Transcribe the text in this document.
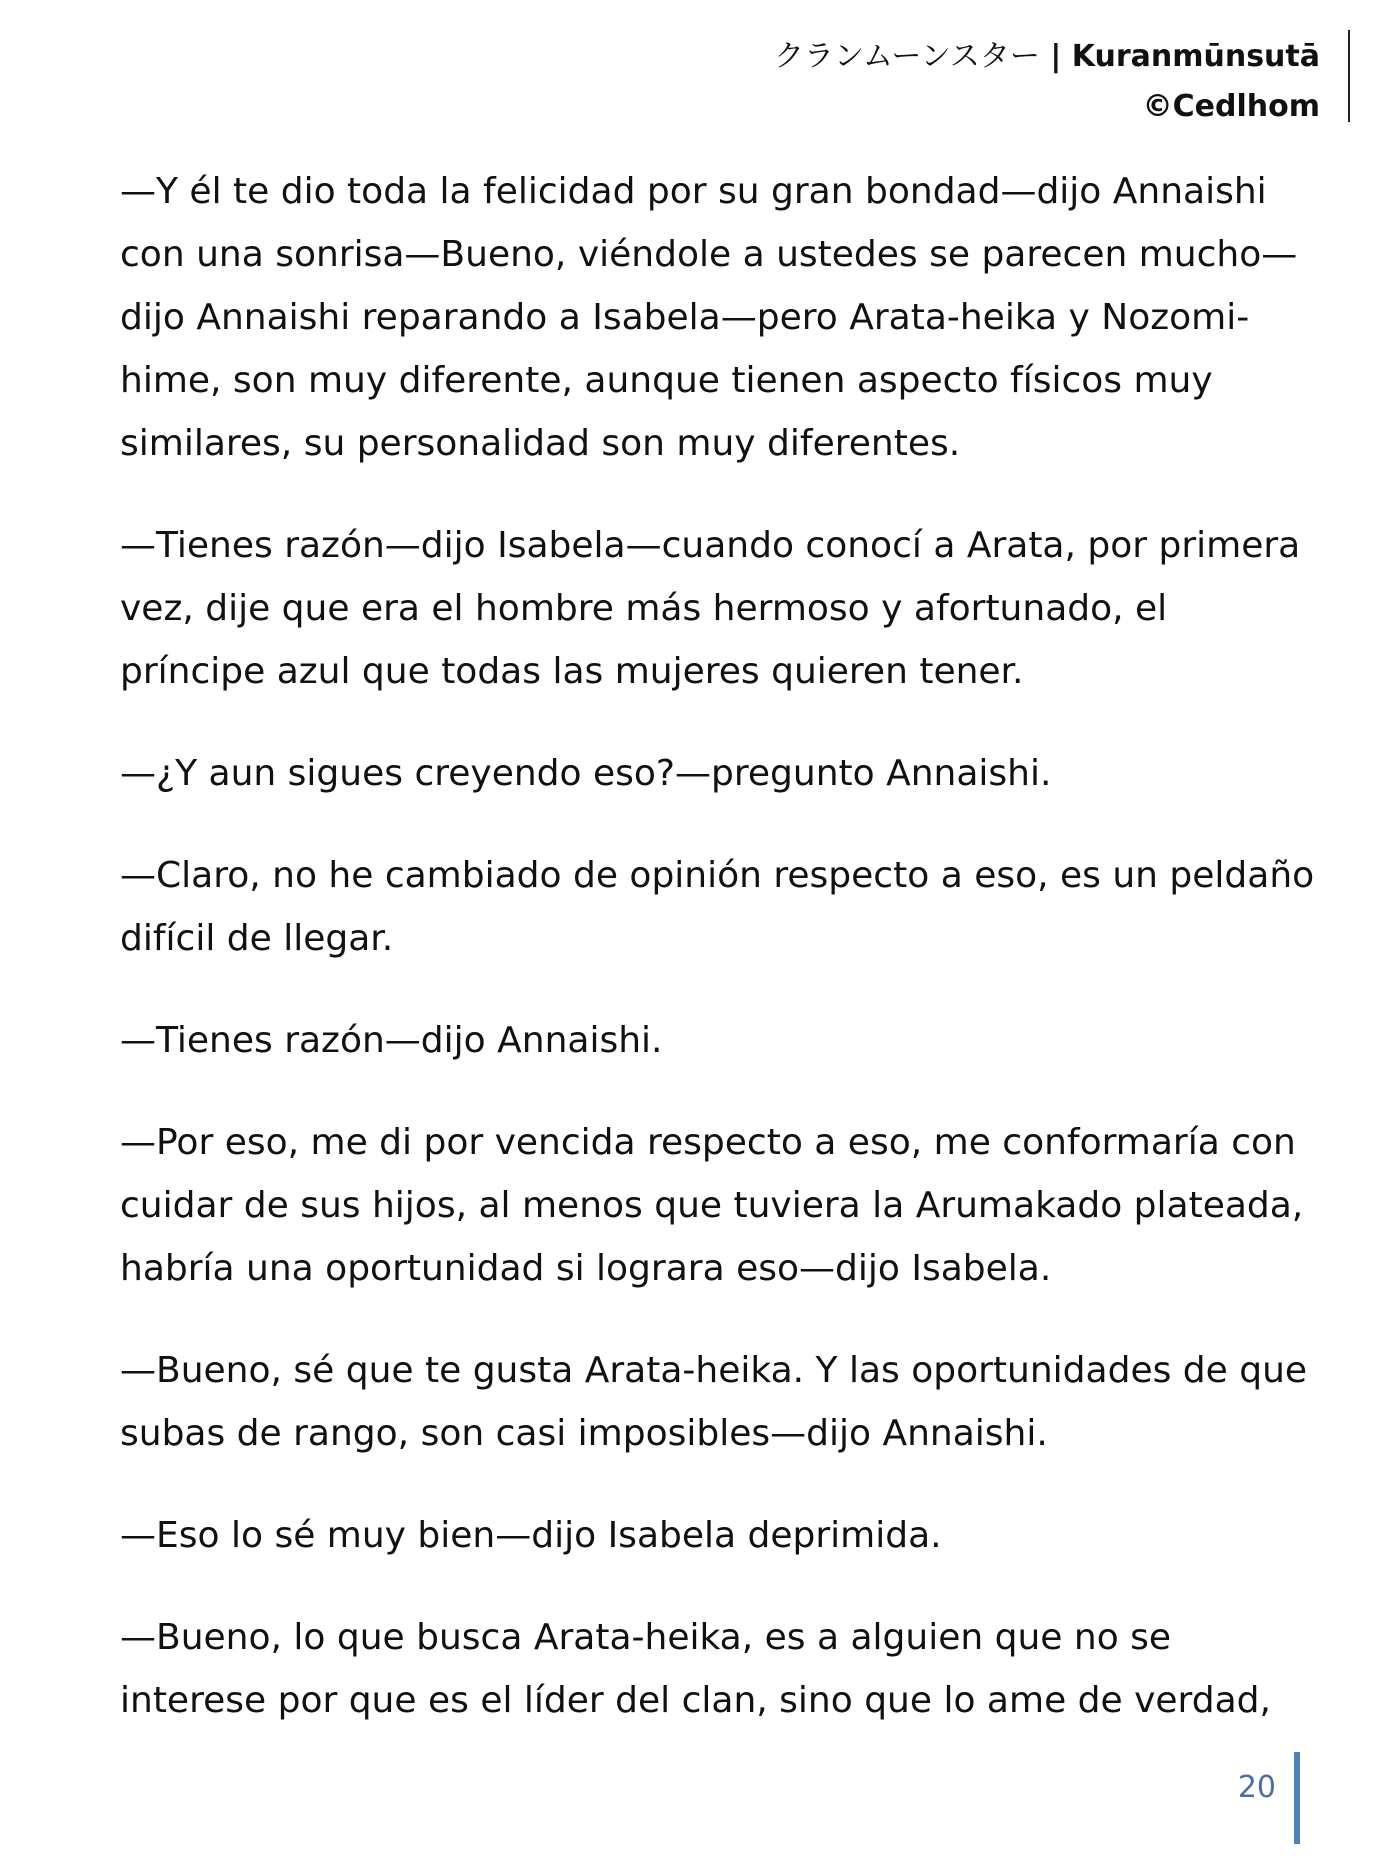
クランムーンスター | Kuranmūnsutā
©Cedlhom

—Y él te dio toda la felicidad por su gran bondad—dijo Annaishi con una sonrisa—Bueno, viéndole a ustedes se parecen mucho—dijo Annaishi reparando a Isabela—pero Arata-heika y Nozomi-hime, son muy diferente, aunque tienen aspecto físicos muy similares, su personalidad son muy diferentes.

—Tienes razón—dijo Isabela—cuando conocí a Arata, por primera vez, dije que era el hombre más hermoso y afortunado, el príncipe azul que todas las mujeres quieren tener.

—¿Y aun sigues creyendo eso?—pregunto Annaishi.

—Claro, no he cambiado de opinión respecto a eso, es un peldaño difícil de llegar.

—Tienes razón—dijo Annaishi.

—Por eso, me di por vencida respecto a eso, me conformaría con cuidar de sus hijos, al menos que tuviera la Arumakado plateada, habría una oportunidad si lograra eso—dijo Isabela.

—Bueno, sé que te gusta Arata-heika. Y las oportunidades de que subas de rango, son casi imposibles—dijo Annaishi.

—Eso lo sé muy bien—dijo Isabela deprimida.

—Bueno, lo que busca Arata-heika, es a alguien que no se interese por que es el líder del clan, sino que lo ame de verdad,

20
